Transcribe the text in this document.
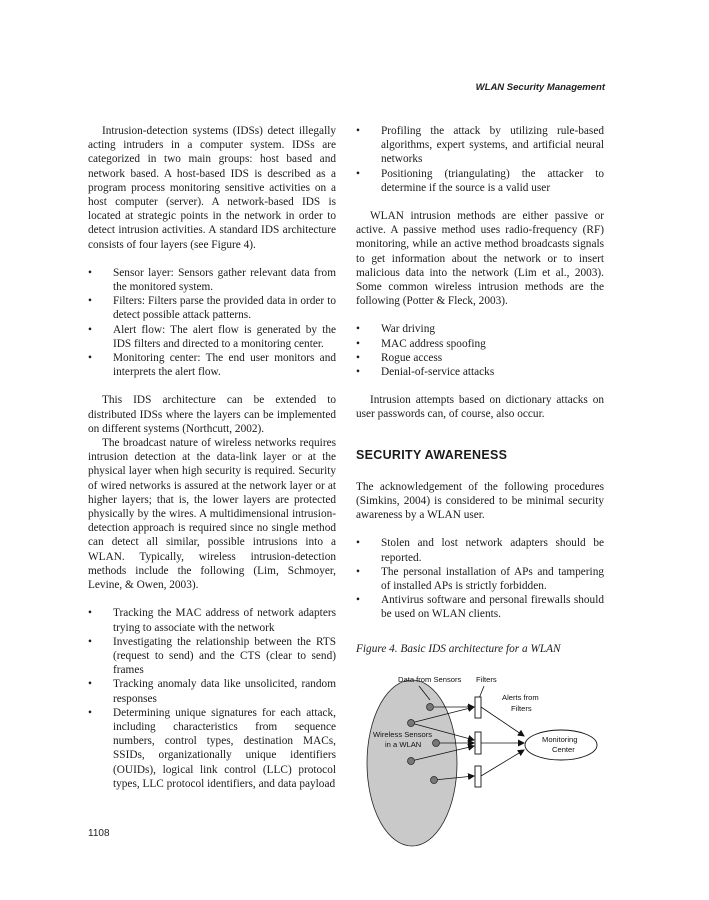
WLAN Security Management

Intrusion-detection systems (IDSs) detect illegally acting intruders in a computer system. IDSs are categorized in two main groups: host based and network based. A host-based IDS is described as a program process monitoring sensitive activities on a host computer (server). A network-based IDS is located at strategic points in the network in order to detect intrusion activities. A standard IDS architecture consists of four layers (see Figure 4).

• Sensor layer: Sensors gather relevant data from the monitored system.
• Filters: Filters parse the provided data in order to detect possible attack patterns.
• Alert flow: The alert flow is generated by the IDS filters and directed to a monitoring center.
• Monitoring center: The end user monitors and interprets the alert flow.

This IDS architecture can be extended to distributed IDSs where the layers can be implemented on different systems (Northcutt, 2002).

The broadcast nature of wireless networks requires intrusion detection at the data-link layer or at the physical layer when high security is required. Security of wired networks is assured at the network layer or at higher layers; that is, the lower layers are protected physically by the wires. A multidimensional intrusion-detection approach is required since no single method can detect all similar, possible intrusions into a WLAN. Typically, wireless intrusion-detection methods include the following (Lim, Schmoyer, Levine, & Owen, 2003).

• Tracking the MAC address of network adapters trying to associate with the network
• Investigating the relationship between the RTS (request to send) and the CTS (clear to send) frames
• Tracking anomaly data like unsolicited, random responses
• Determining unique signatures for each attack, including characteristics from sequence numbers, control types, destination MACs, SSIDs, organizationally unique identifiers (OUIDs), logical link control (LLC) protocol types, LLC protocol identifiers, and data payload
• Profiling the attack by utilizing rule-based algorithms, expert systems, and artificial neural networks
• Positioning (triangulating) the attacker to determine if the source is a valid user

WLAN intrusion methods are either passive or active. A passive method uses radio-frequency (RF) monitoring, while an active method broadcasts signals to get information about the network or to insert malicious data into the network (Lim et al., 2003). Some common wireless intrusion methods are the following (Potter & Fleck, 2003).

• War driving
• MAC address spoofing
• Rogue access
• Denial-of-service attacks

Intrusion attempts based on dictionary attacks on user passwords can, of course, also occur.

SECURITY AWARENESS

The acknowledgement of the following procedures (Simkins, 2004) is considered to be minimal security awareness by a WLAN user.

• Stolen and lost network adapters should be reported.
• The personal installation of APs and tampering of installed APs is strictly forbidden.
• Antivirus software and personal firewalls should be used on WLAN clients.

Figure 4. Basic IDS architecture for a WLAN

Data from Sensors Filters
Alerts from
Filters
Wireless Sensors
in a WLAN
Monitoring
Center
1108
